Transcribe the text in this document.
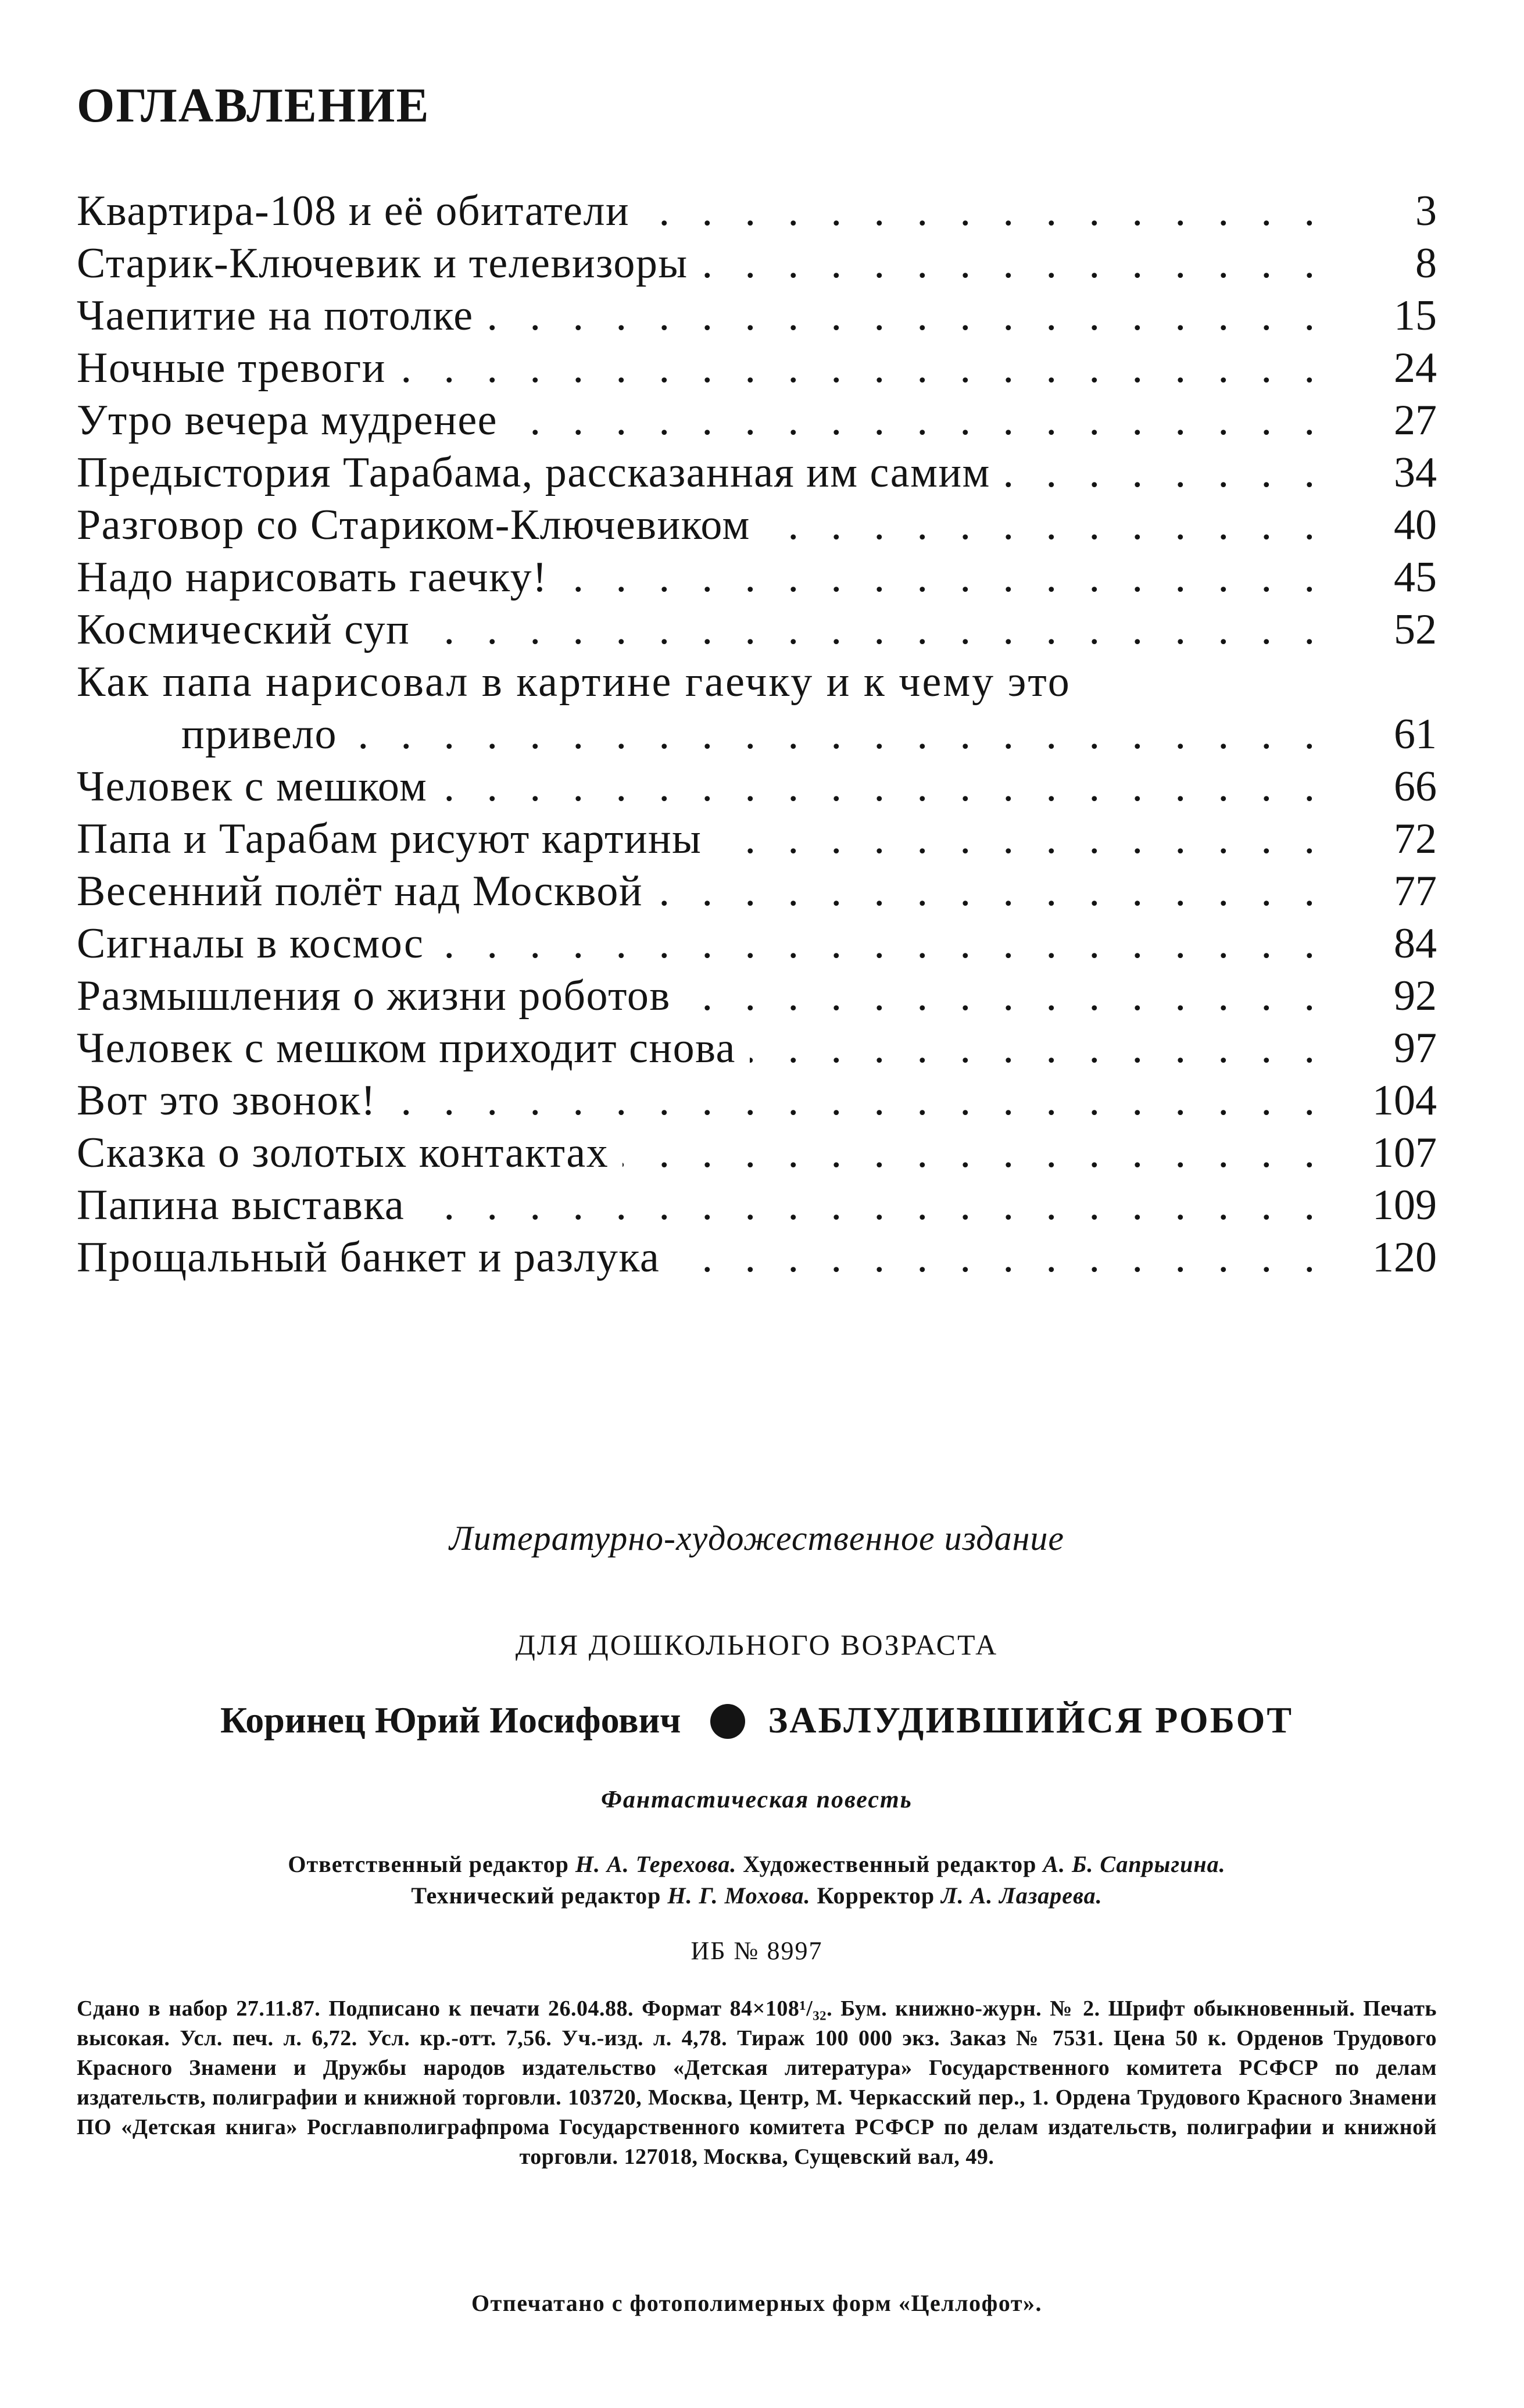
ОГЛАВЛЕНИЕ
.   .
Квартира-108 и её обитатели	3
.   .
Старик-Ключевик и телевизоры	8
.   .
Чаепитие на потолке	15
.   .
Ночные тревоги	24
.   .
Утро вечера мудренее	27
.   .
Предыстория Тарабама, рассказанная им самим	34
.   .
Разговор со Стариком-Ключевиком	40
.   .
Надо нарисовать гаечку!	45
.   .
Космический суп	52
Как папа нарисовал в картине гаечку и к чему это
.   .
привело	61
.   .
Человек с мешком	66
.   .
Папа и Тарабам рисуют картины	72
.   .
Весенний полёт над Москвой	77
.   .
Сигналы в космос	84
.   .
Размышления о жизни роботов	92
.   .
Человек с мешком приходит снова	97
.   .
Вот это звонок!	104
.   .
Сказка о золотых контактах	107
.   .
Папина выставка	109
.   .
Прощальный банкет и разлука	120
Литературно-художественное издание
ДЛЯ ДОШКОЛЬНОГО ВОЗРАСТА
Коринец Юрий Иосифович ЗАБЛУДИВШИЙСЯ РОБОТ
Фантастическая повесть
Ответственный редактор Н. А. Терехова. Художественный редактор А. Б. Сапрыгина.
Технический редактор Н. Г. Мохова. Корректор Л. А. Лазарева.
ИБ № 8997
Сдано в набор 27.11.87. Подписано к печати 26.04.88. Формат 84×108¹/₃₂. Бум. книжно-журн. № 2. Шрифт обыкновенный. Печать высокая. Усл. печ. л. 6,72. Усл. кр.-отт. 7,56. Уч.-изд. л. 4,78. Тираж 100 000 экз. Заказ № 7531. Цена 50 к. Орденов Трудового Красного Знамени и Дружбы народов издательство «Детская литература» Государственного комитета РСФСР по делам издательств, полиграфии и книжной торговли. 103720, Москва, Центр, М. Черкасский пер., 1. Ордена Трудового Красного Знамени ПО «Детская книга» Росглавполиграфпрома Государственного комитета РСФСР по делам издательств, полиграфии и книжной торговли. 127018, Москва, Сущевский вал, 49.
Отпечатано с фотополимерных форм «Целлофот».
